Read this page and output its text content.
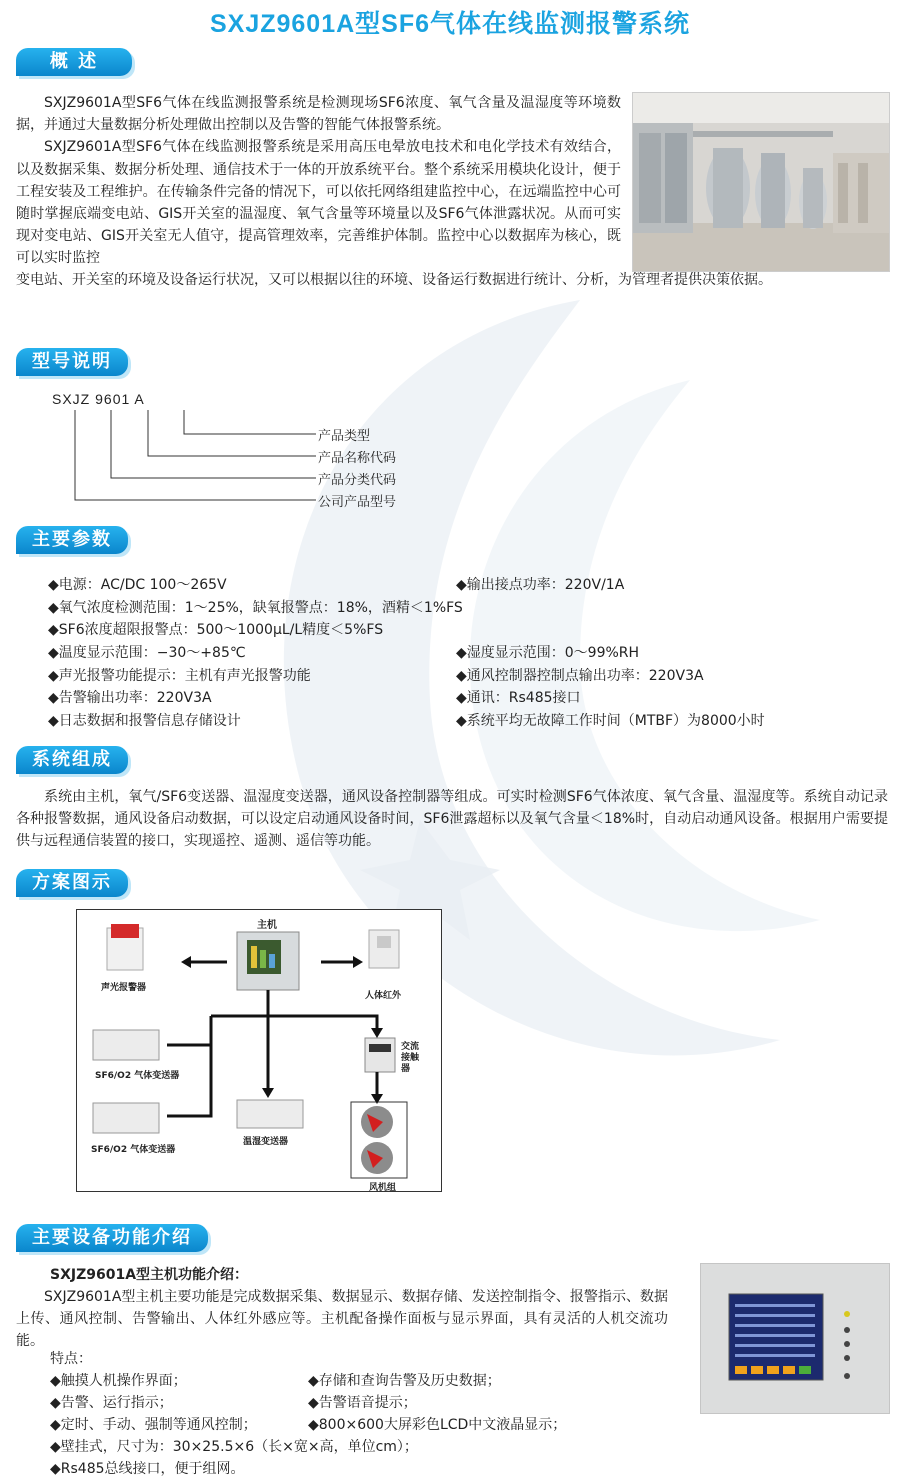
SXJZ9601A型SF6气体在线监测报警系统
概 述

SXJZ9601A型SF6气体在线监测报警系统是检测现场SF6浓度、氧气含量及温湿度等环境数据，并通过大量数据分析处理做出控制以及告警的智能气体报警系统。

SXJZ9601A型SF6气体在线监测报警系统是采用高压电晕放电技术和电化学技术有效结合，以及数据采集、数据分析处理、通信技术于一体的开放系统平台。整个系统采用模块化设计，便于工程安装及工程维护。在传输条件完备的情况下，可以依托网络组建监控中心，在远端监控中心可随时掌握底端变电站、GIS开关室的温湿度、氧气含量等环境量以及SF6气体泄露状况。从而可实现对变电站、GIS开关室无人值守，提高管理效率，完善维护体制。监控中心以数据库为核心，既可以实时监控

变电站、开关室的环境及设备运行状况，又可以根据以往的环境、设备运行数据进行统计、分析，为管理者提供决策依据。

型号说明
SXJZ 9601 A
产品类型
产品名称代码
产品分类代码
公司产品型号
主要参数
◆电源：AC/DC 100～265V	◆输出接点功率：220V/1A
◆氧气浓度检测范围：1～25%，缺氧报警点：18%，酒精＜1%FS
◆SF6浓度超限报警点：500～1000μL/L精度＜5%FS
◆温度显示范围：−30～+85℃	◆湿度显示范围：0～99%RH
◆声光报警功能提示：主机有声光报警功能	◆通风控制器控制点输出功率：220V3A
◆告警输出功率：220V3A	◆通讯：Rs485接口
◆日志数据和报警信息存储设计	◆系统平均无故障工作时间（MTBF）为8000小时
系统组成

系统由主机，氧气/SF6变送器、温湿度变送器，通风设备控制器等组成。可实时检测SF6气体浓度、氧气含量、温湿度等。系统自动记录各种报警数据，通风设备启动数据，可以设定启动通风设备时间，SF6泄露超标以及氧气含量＜18%时，自动启动通风设备。根据用户需要提供与远程通信装置的接口，实现遥控、遥测、遥信等功能。

方案图示
主机
声光报警器
人体红外
SF6/O2 气体变送器
SF6/O2 气体变送器
温湿变送器
交流接触器
风机组
主要设备功能介绍
SXJZ9601A型主机功能介绍：

SXJZ9601A型主机主要功能是完成数据采集、数据显示、数据存储、发送控制指令、报警指示、数据上传、通风控制、告警输出、人体红外感应等。主机配备操作面板与显示界面，具有灵活的人机交流功能。

特点：
◆触摸人机操作界面；	◆存储和查询告警及历史数据；
◆告警、运行指示；	◆告警语音提示；
◆定时、手动、强制等通风控制；	◆800×600大屏彩色LCD中文液晶显示；
◆壁挂式，尺寸为：30×25.5×6（长×宽×高，单位cm）；
◆Rs485总线接口，便于组网。
